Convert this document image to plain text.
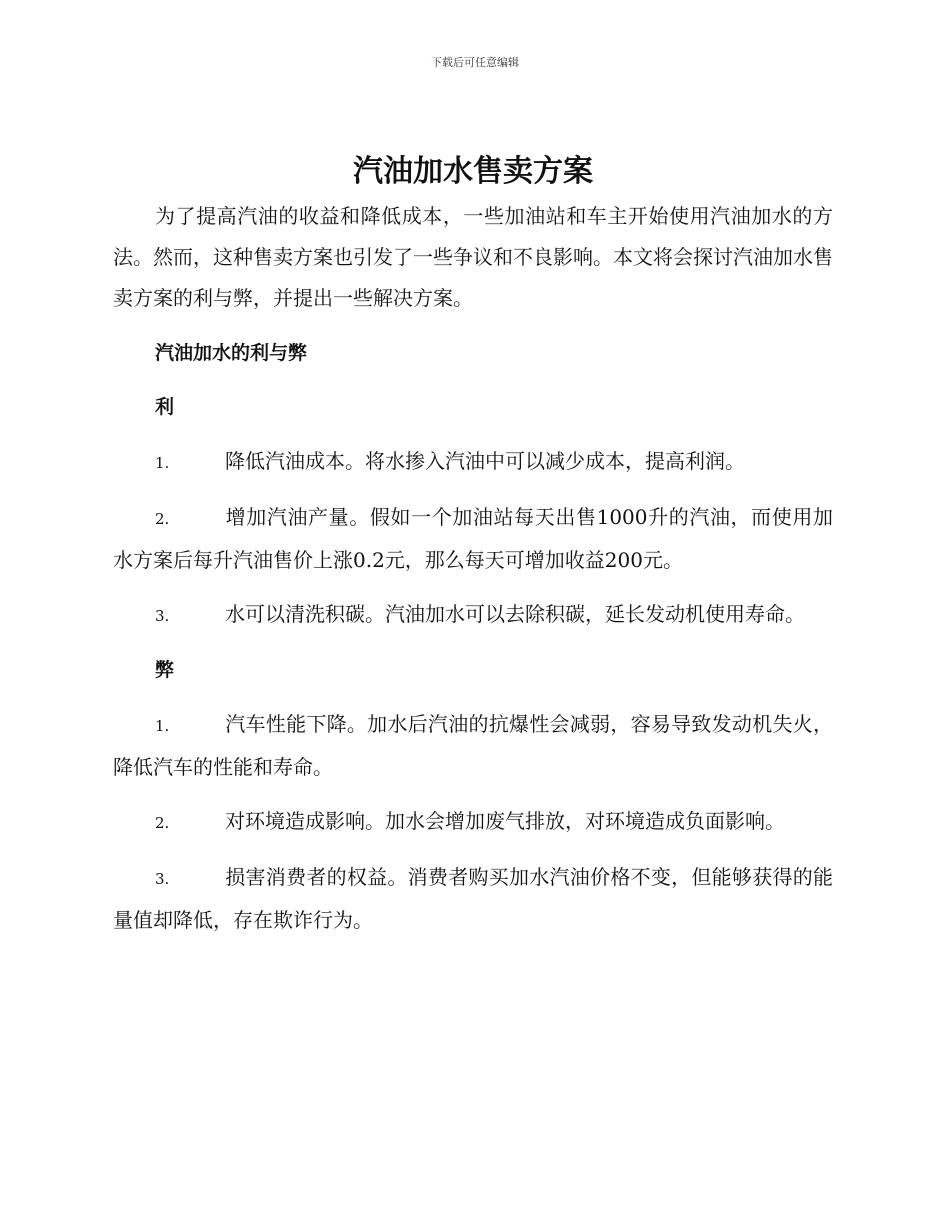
下载后可任意编辑
汽油加水售卖方案

为了提高汽油的收益和降低成本，一些加油站和车主开始使用汽油加水的方法。然而，这种售卖方案也引发了一些争议和不良影响。本文将会探讨汽油加水售卖方案的利与弊，并提出一些解决方案。

汽油加水的利与弊

利

1.	降低汽油成本。将水掺入汽油中可以减少成本，提高利润。

2.	增加汽油产量。假如一个加油站每天出售1000升的汽油，而使用加水方案后每升汽油售价上涨0.2元，那么每天可增加收益200元。

3.	水可以清洗积碳。汽油加水可以去除积碳，延长发动机使用寿命。

弊

1.	汽车性能下降。加水后汽油的抗爆性会减弱，容易导致发动机失火，降低汽车的性能和寿命。

2.	对环境造成影响。加水会增加废气排放，对环境造成负面影响。

3.	损害消费者的权益。消费者购买加水汽油价格不变，但能够获得的能量值却降低，存在欺诈行为。
